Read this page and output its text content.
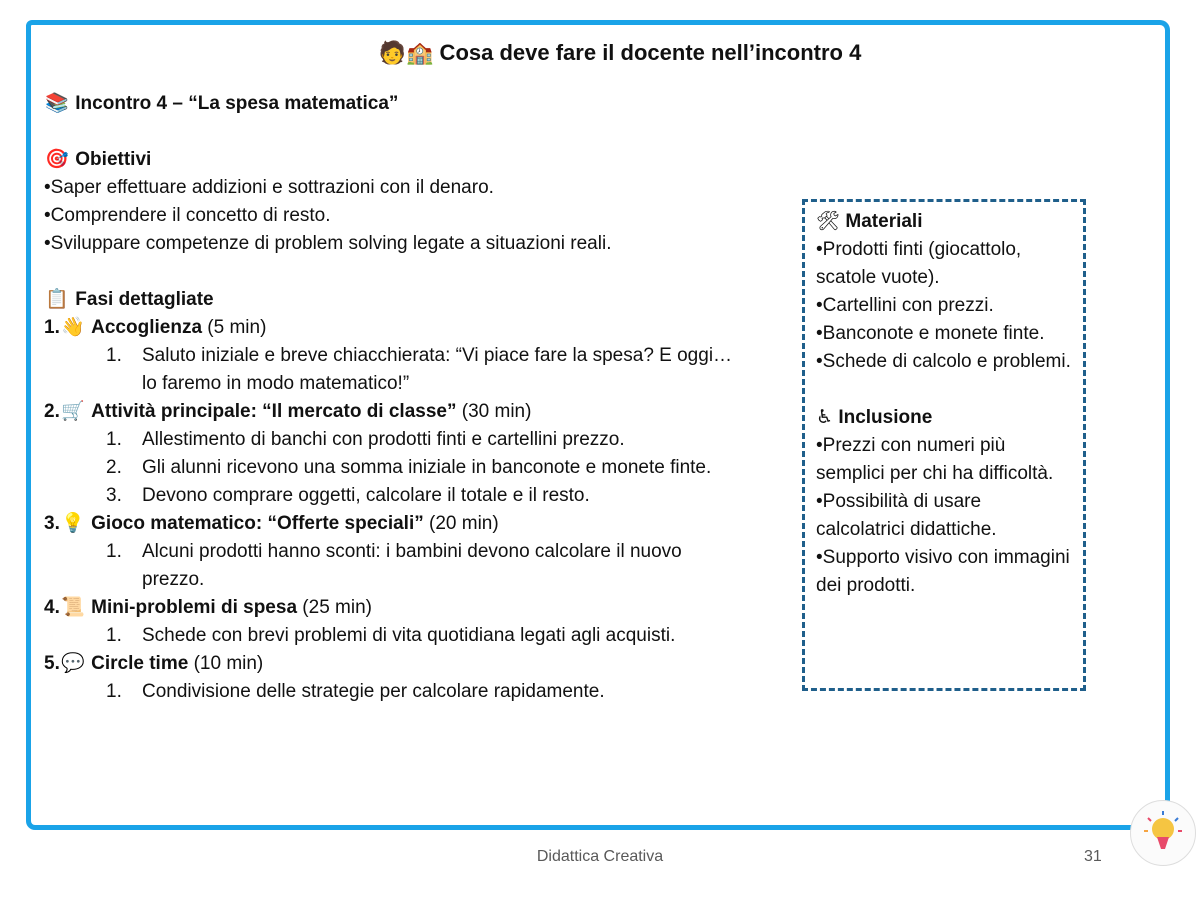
🧑🏫 Cosa deve fare il docente nell’incontro 4

📚 Incontro 4 – “La spesa matematica”

🎯 Obiettivi

•Saper effettuare addizioni e sottrazioni con il denaro.

•Comprendere il concetto di resto.

•Sviluppare competenze di problem solving legate a situazioni reali.

📋 Fasi dettagliate

1.👋 Accoglienza (5 min)

1. Saluto iniziale e breve chiacchierata: “Vi piace fare la spesa? E oggi… lo faremo in modo matematico!”

2.🛒 Attività principale: “Il mercato di classe” (30 min)

1. Allestimento di banchi con prodotti finti e cartellini prezzo.
2. Gli alunni ricevono una somma iniziale in banconote e monete finte.
3. Devono comprare oggetti, calcolare il totale e il resto.

3.💡 Gioco matematico: “Offerte speciali” (20 min)

1. Alcuni prodotti hanno sconti: i bambini devono calcolare il nuovo prezzo.

4.📜 Mini-problemi di spesa (25 min)

1. Schede con brevi problemi di vita quotidiana legati agli acquisti.

5.💬 Circle time (10 min)

1. Condivisione delle strategie per calcolare rapidamente.

🛠 Materiali

•Prodotti finti (giocattolo, scatole vuote).

•Cartellini con prezzi.

•Banconote e monete finte.

•Schede di calcolo e problemi.

♿ Inclusione

•Prezzi con numeri più semplici per chi ha difficoltà.

•Possibilità di usare calcolatrici didattiche.

•Supporto visivo con immagini dei prodotti.

Didattica Creativa	31
